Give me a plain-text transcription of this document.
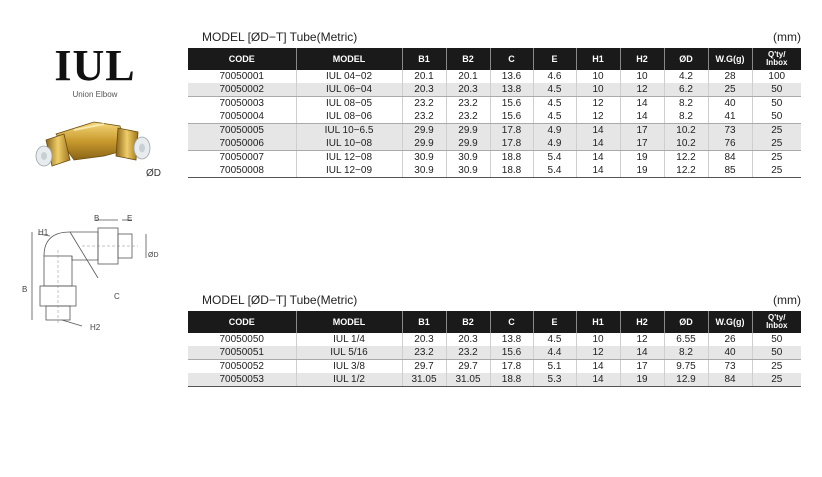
IUL
Union Elbow
ØD
H1
B	E
ØD
B
C
H2
MODEL [ØD−T] Tube(Metric)	(mm)
CODE	MODEL	B1	B2	C	E	H1	H2	ØD	W.G(g)	Q'ty/
Inbox
70050001	IUL 04−02	20.1	20.1	13.6	4.6	10	10	4.2	28	100
70050002	IUL 06−04	20.3	20.3	13.8	4.5	10	12	6.2	25	50
70050003	IUL 08−05	23.2	23.2	15.6	4.5	12	14	8.2	40	50
70050004	IUL 08−06	23.2	23.2	15.6	4.5	12	14	8.2	41	50
70050005	IUL 10−6.5	29.9	29.9	17.8	4.9	14	17	10.2	73	25
70050006	IUL 10−08	29.9	29.9	17.8	4.9	14	17	10.2	76	25
70050007	IUL 12−08	30.9	30.9	18.8	5.4	14	19	12.2	84	25
70050008	IUL 12−09	30.9	30.9	18.8	5.4	14	19	12.2	85	25
MODEL [ØD−T] Tube(Metric)	(mm)
CODE	MODEL	B1	B2	C	E	H1	H2	ØD	W.G(g)	Q'ty/
Inbox
70050050	IUL 1/4	20.3	20.3	13.8	4.5	10	12	6.55	26	50
70050051	IUL 5/16	23.2	23.2	15.6	4.4	12	14	8.2	40	50
70050052	IUL 3/8	29.7	29.7	17.8	5.1	14	17	9.75	73	25
70050053	IUL 1/2	31.05	31.05	18.8	5.3	14	19	12.9	84	25
